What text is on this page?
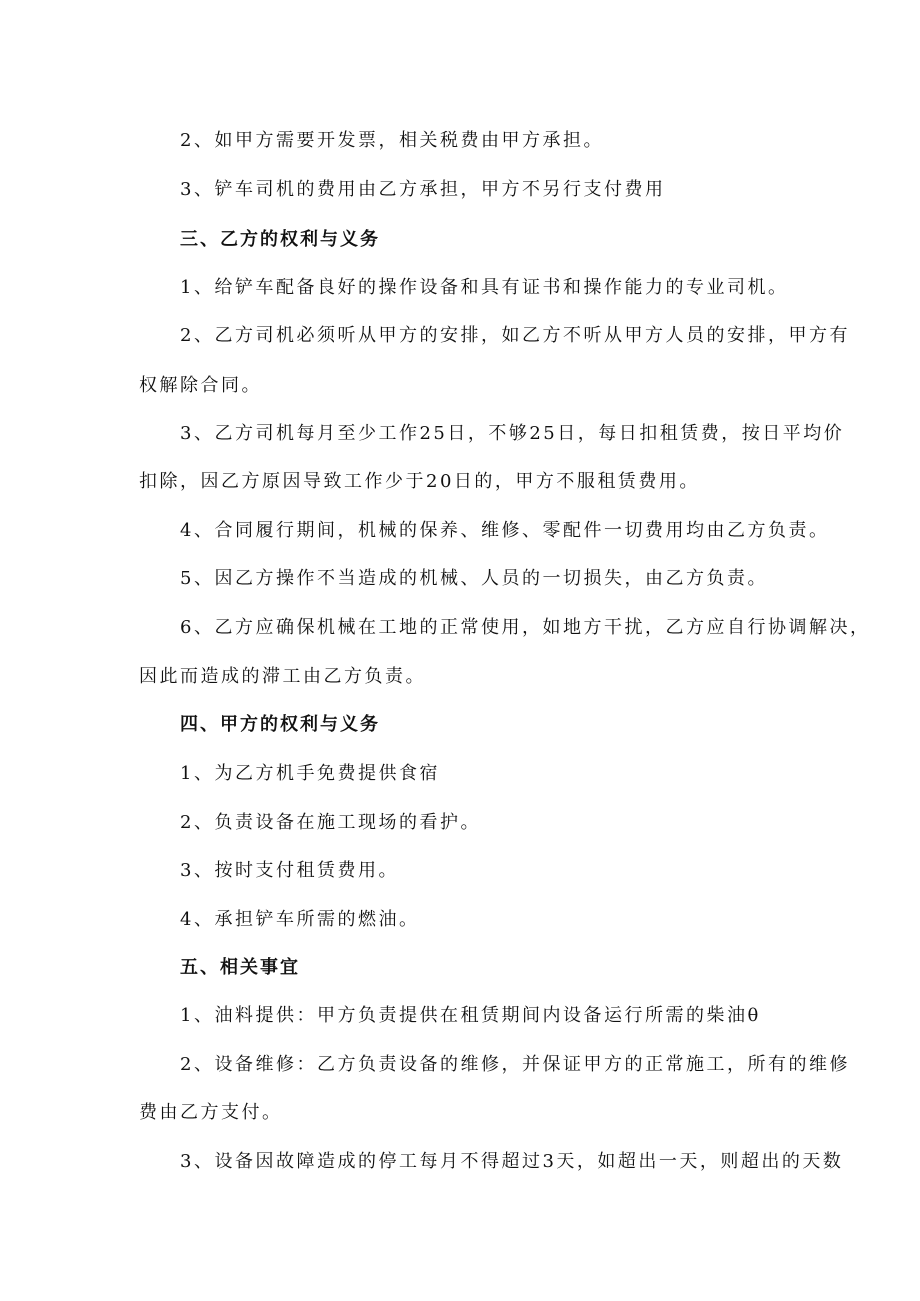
2、如甲方需要开发票，相关税费由甲方承担。
3、铲车司机的费用由乙方承担，甲方不另行支付费用
三、乙方的权利与义务
1、给铲车配备良好的操作设备和具有证书和操作能力的专业司机。
2、乙方司机必须听从甲方的安排，如乙方不听从甲方人员的安排，甲方有
权解除合同。
3、乙方司机每月至少工作25日，不够25日，每日扣租赁费，按日平均价
扣除，因乙方原因导致工作少于20日的，甲方不服租赁费用。
4、合同履行期间，机械的保养、维修、零配件一切费用均由乙方负责。
5、因乙方操作不当造成的机械、人员的一切损失，由乙方负责。
6、乙方应确保机械在工地的正常使用，如地方干扰，乙方应自行协调解决，
因此而造成的滞工由乙方负责。
四、甲方的权利与义务
1、为乙方机手免费提供食宿
2、负责设备在施工现场的看护。
3、按时支付租赁费用。
4、承担铲车所需的燃油。
五、相关事宜
1、油料提供：甲方负责提供在租赁期间内设备运行所需的柴油θ
2、设备维修：乙方负责设备的维修，并保证甲方的正常施工，所有的维修
费由乙方支付。
3、设备因故障造成的停工每月不得超过3天，如超出一天，则超出的天数
